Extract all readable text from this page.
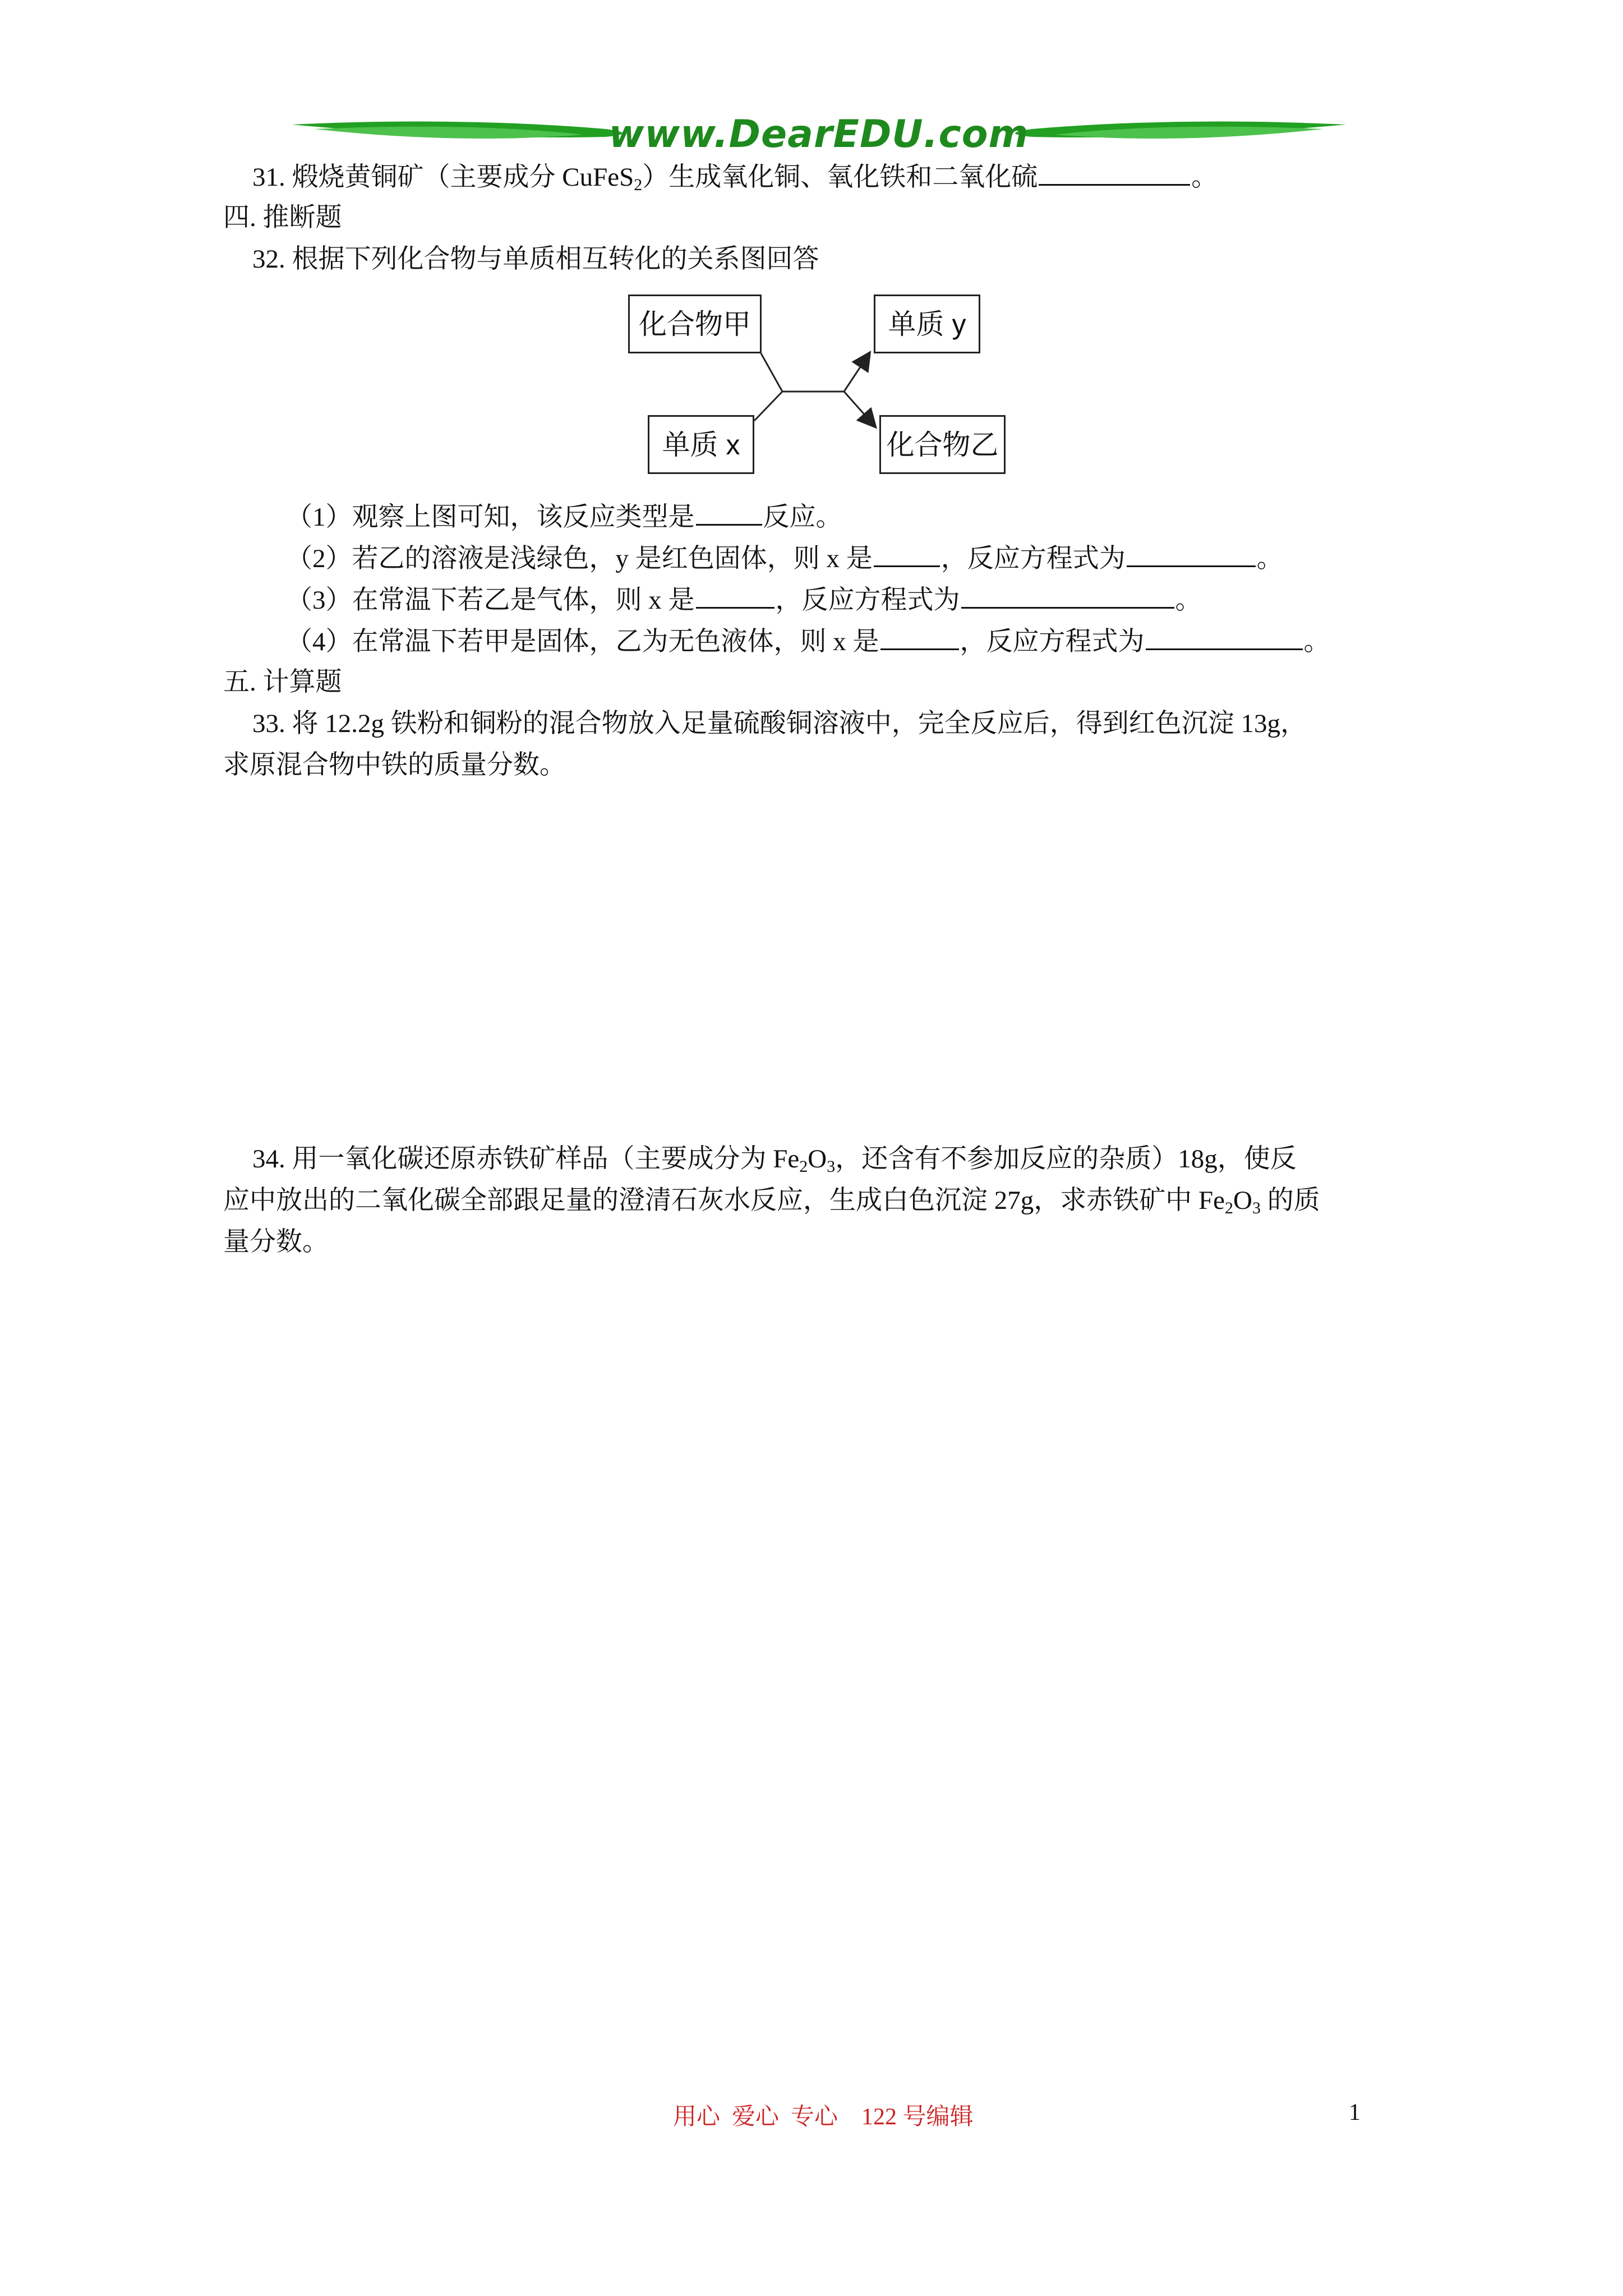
www.DearEDU.com
31. 煅烧黄铜矿（主要成分 CuFeS$_2$）生成氧化铜、氧化铁和二氧化硫	。
四. 推断题
32. 根据下列化合物与单质相互转化的关系图回答
化合物甲	单质 y
单质 x	化合物乙
（1）观察上图可知，该反应类型是	反应。
（2）若乙的溶液是浅绿色，y 是红色固体，则 x 是	，反应方程式为	。
（3）在常温下若乙是气体，则 x 是	，反应方程式为	。
（4）在常温下若甲是固体，乙为无色液体，则 x 是	，反应方程式为	。
五. 计算题
33. 将 12.2g 铁粉和铜粉的混合物放入足量硫酸铜溶液中，完全反应后，得到红色沉淀 13g，
求原混合物中铁的质量分数。
34. 用一氧化碳还原赤铁矿样品（主要成分为 $Fe_2O_3$，还含有不参加反应的杂质）18g，使反
应中放出的二氧化碳全部跟足量的澄清石灰水反应，生成白色沉淀 27g，求赤铁矿中 $Fe_2O_3$ 的质
量分数。
用心  爱心  专心    122 号编辑	1
